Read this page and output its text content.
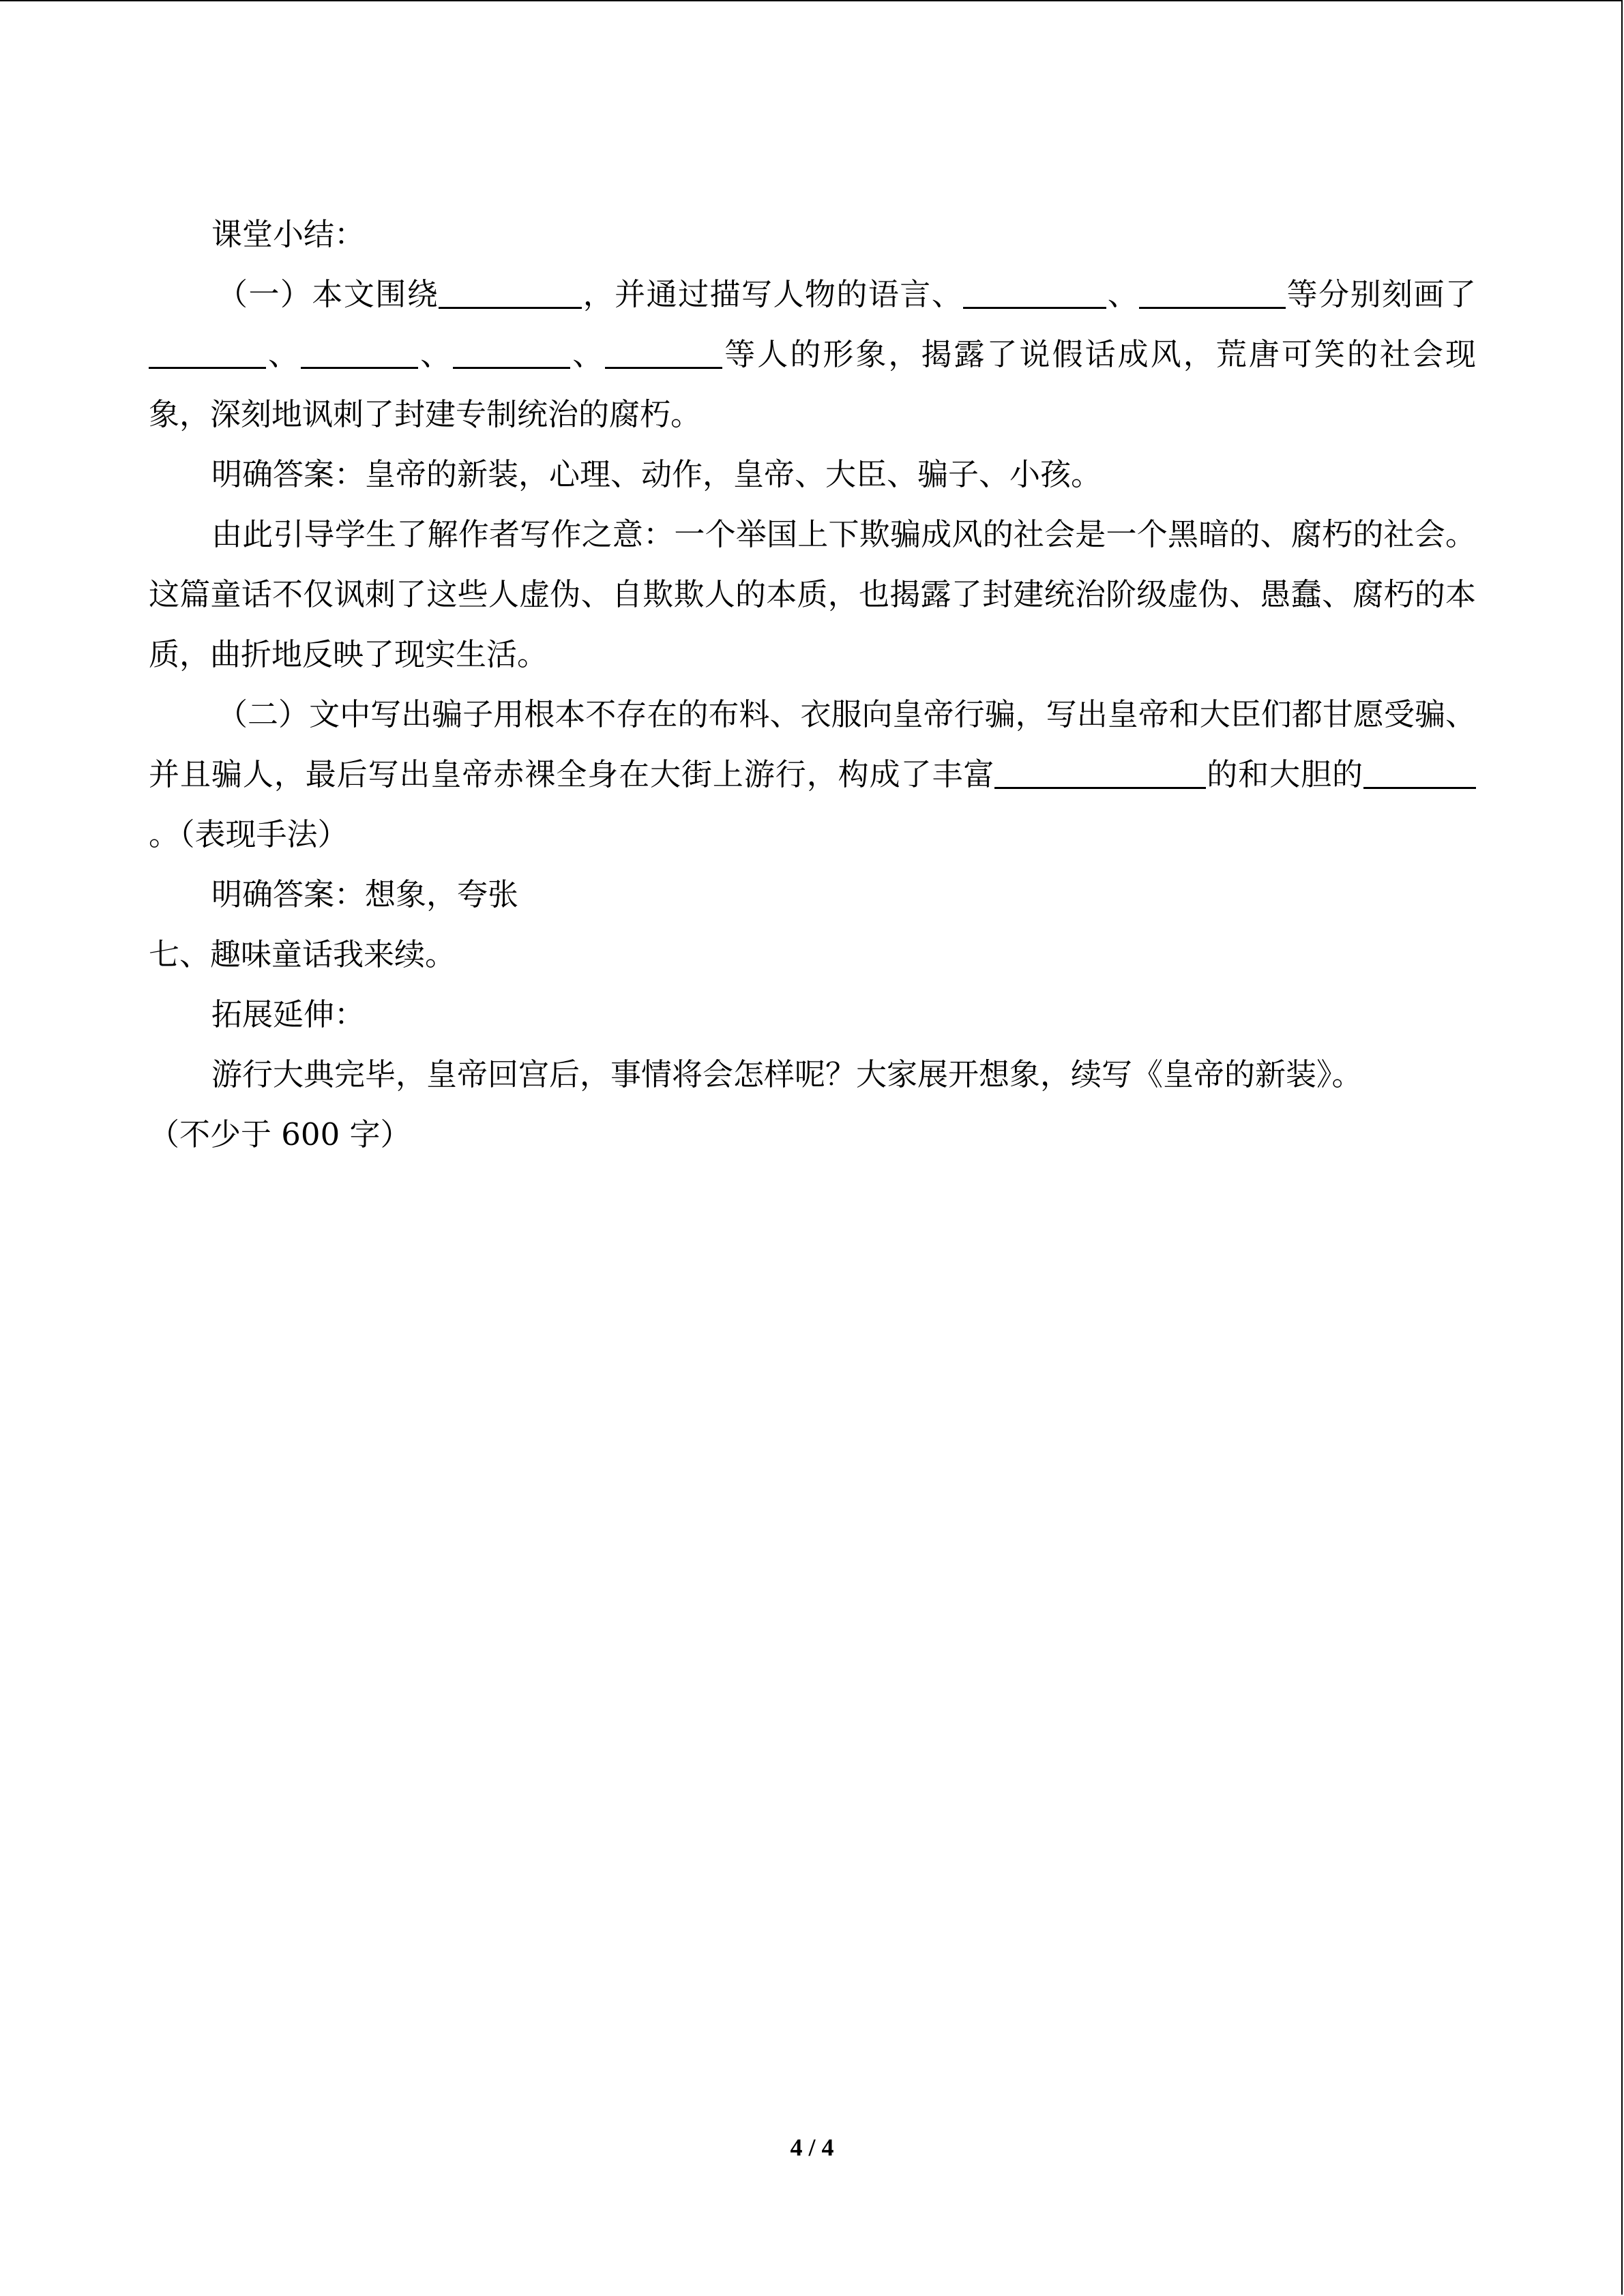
课堂小结：

（一）本文围绕	，并通过描写人物的语言、	、	等分别刻画了、	、	、	等人的形象，揭露了说假话成风，荒唐可笑的社会现象，深刻地讽刺了封建专制统治的腐朽。

明确答案：皇帝的新装，心理、动作，皇帝、大臣、骗子、小孩。

由此引导学生了解作者写作之意：一个举国上下欺骗成风的社会是一个黑暗的、腐朽的社会。这篇童话不仅讽刺了这些人虚伪、自欺欺人的本质，也揭露了封建统治阶级虚伪、愚蠢、腐朽的本质，曲折地反映了现实生活。

（二）文中写出骗子用根本不存在的布料、衣服向皇帝行骗，写出皇帝和大臣们都甘愿受骗、并且骗人，最后写出皇帝赤裸全身在大街上游行，构成了丰富	的和大胆的。（表现手法）

明确答案：想象，夸张

七、趣味童话我来续。

拓展延伸：

游行大典完毕，皇帝回宫后，事情将会怎样呢？大家展开想象，续写《皇帝的新装》。

（不少于 600 字）

4 / 4
